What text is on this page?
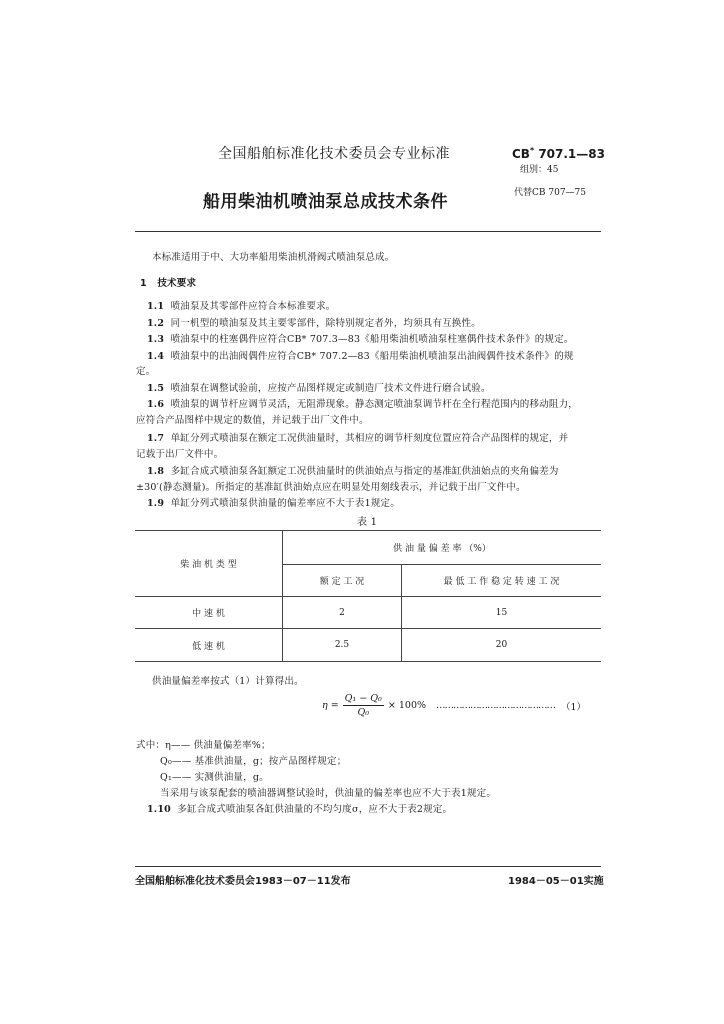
全国船舶标准化技术委员会专业标准	CB* 707.1—83
组别：45
船用柴油机喷油泵总成技术条件	代替CB 707—75
本标准适用于中、大功率船用柴油机滑阀式喷油泵总成。
1 技术要求
1.1 喷油泵及其零部件应符合本标准要求。
1.2 同一机型的喷油泵及其主要零部件，除特别规定者外，均须具有互换性。
1.3 喷油泵中的柱塞偶件应符合CB* 707.3—83《船用柴油机喷油泵柱塞偶件技术条件》的规定。
1.4 喷油泵中的出油阀偶件应符合CB* 707.2—83《船用柴油机喷油泵出油阀偶件技术条件》的规
定。
1.5 喷油泵在调整试验前，应按产品图样规定或制造厂技术文件进行磨合试验。
1.6 喷油泵的调节杆应调节灵活，无阻滞现象。静态测定喷油泵调节杆在全行程范围内的移动阻力，
应符合产品图样中规定的数值，并记载于出厂文件中。
1.7 单缸分列式喷油泵在额定工况供油量时，其相应的调节杆刻度位置应符合产品图样的规定，并
记载于出厂文件中。
1.8 多缸合成式喷油泵各缸额定工况供油量时的供油始点与指定的基准缸供油始点的夹角偏差为
±30′(静态测量)。所指定的基准缸供油始点应在明显处用刻线表示，并记载于出厂文件中。
1.9 单缸分列式喷油泵供油量的偏差率应不大于表1规定。
表 1
柴 油 机 类 型	供 油 量 偏 差 率 （%）	
	额 定 工 况	最 低 工 作 稳 定 转 速 工 况
中 速 机	2	15
低 速 机	2.5	20
供油量偏差率按式（1）计算得出。
$\eta = \frac{\text{Q₁ − Q₀}}{\text{Q₀}} \times 100\%$ …………………………………… （1）
式中：η—— 供油量偏差率%；
Q₀—— 基准供油量，g；按产品图样规定；
Q₁—— 实测供油量，g。
当采用与该泵配套的喷油器调整试验时，供油量的偏差率也应不大于表1规定。
1.10 多缸合成式喷油泵各缸供油量的不均匀度σ，应不大于表2规定。
全国船舶标准化技术委员会1983－07－11发布	1984－05－01实施
